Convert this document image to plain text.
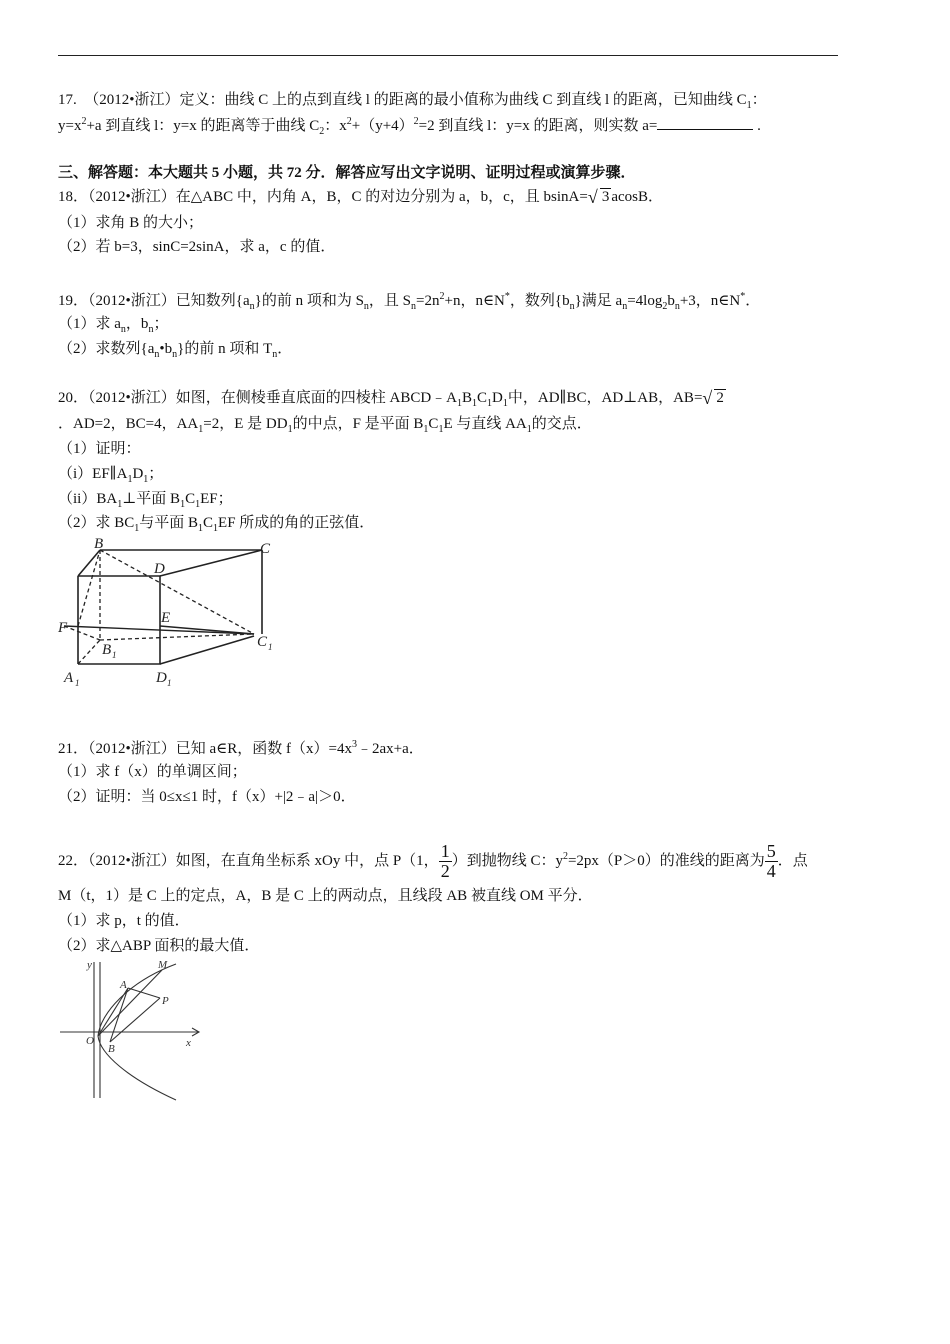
17. （2012•浙江）定义：曲线 C 上的点到直线 l 的距离的最小值称为曲线 C 到直线 l 的距离，已知曲线 $C_1$：
$y=x^2+a$ 到直线 l：y=x 的距离等于曲线 $C_2$：$x^2+(y+4)^2=2$ 到直线 l：y=x 的距离，则实数 a=	.
三、解答题：本大题共 5 小题，共 72 分．解答应写出文字说明、证明过程或演算步骤．
18．（2012•浙江）在△ABC 中，内角 A，B，C 的对边分别为 a，b，c，且 bsinA= √ 3 acosB．
（1）求角 B 的大小；
（2）若 b=3，sinC=2sinA，求 a，c 的值．
19．（2012•浙江）已知数列$\{a_n\}$的前 n 项和为 $S_n$，且 $S_n=2n^2+n$，n∈N*，数列$\{b_n\}$满足 $a_n=4\log_2b_n+3$，n∈N*．
（1）求 $a_n$，$b_n$；
（2）求数列$\{a_n•b_n\}$的前 n 项和 $T_n$．
20．（2012•浙江）如图，在侧棱垂直底面的四棱柱 $ABCD﹣A_1B_1C_1D_1$中，AD∥BC，AD⊥AB，AB= √ 2
．AD=2，BC=4，$AA_1=2$，E 是 $DD_1$的中点，F 是平面 $B_1C_1E$ 与直线 $AA_1$的交点．
（1）证明：
$(i)EF\parallel A_1D_1$；
$(ii)BA_1\perp$平面 $B_1C_1EF$；
（2）求 $BC_1$与平面 $B_1C_1EF$ 所成的角的正弦值．
B	C
D
E
F
C 1
B 1
A 1	D 1
21．（2012•浙江）已知 a∈R，函数 $f(x)=4x^3﹣2ax+a$．
（1）求 f（x）的单调区间；
（2）证明：当 0≤x≤1 时，f（x）+|2﹣a|＞0．
22．（2012•浙江）如图，在直角坐标系 xOy 中，点 P（1， $\frac{1}{2}$ ）到抛物线 C：$y^2=2px(P>0)$的准线的距离为 $\frac{5}{4}$ ．点
M（t，1）是 C 上的定点，A，B 是 C 上的两动点，且线段 AB 被直线 OM 平分．
（1）求 p，t 的值．
（2）求△ABP 面积的最大值．
y	M
A
P
O
B	x
